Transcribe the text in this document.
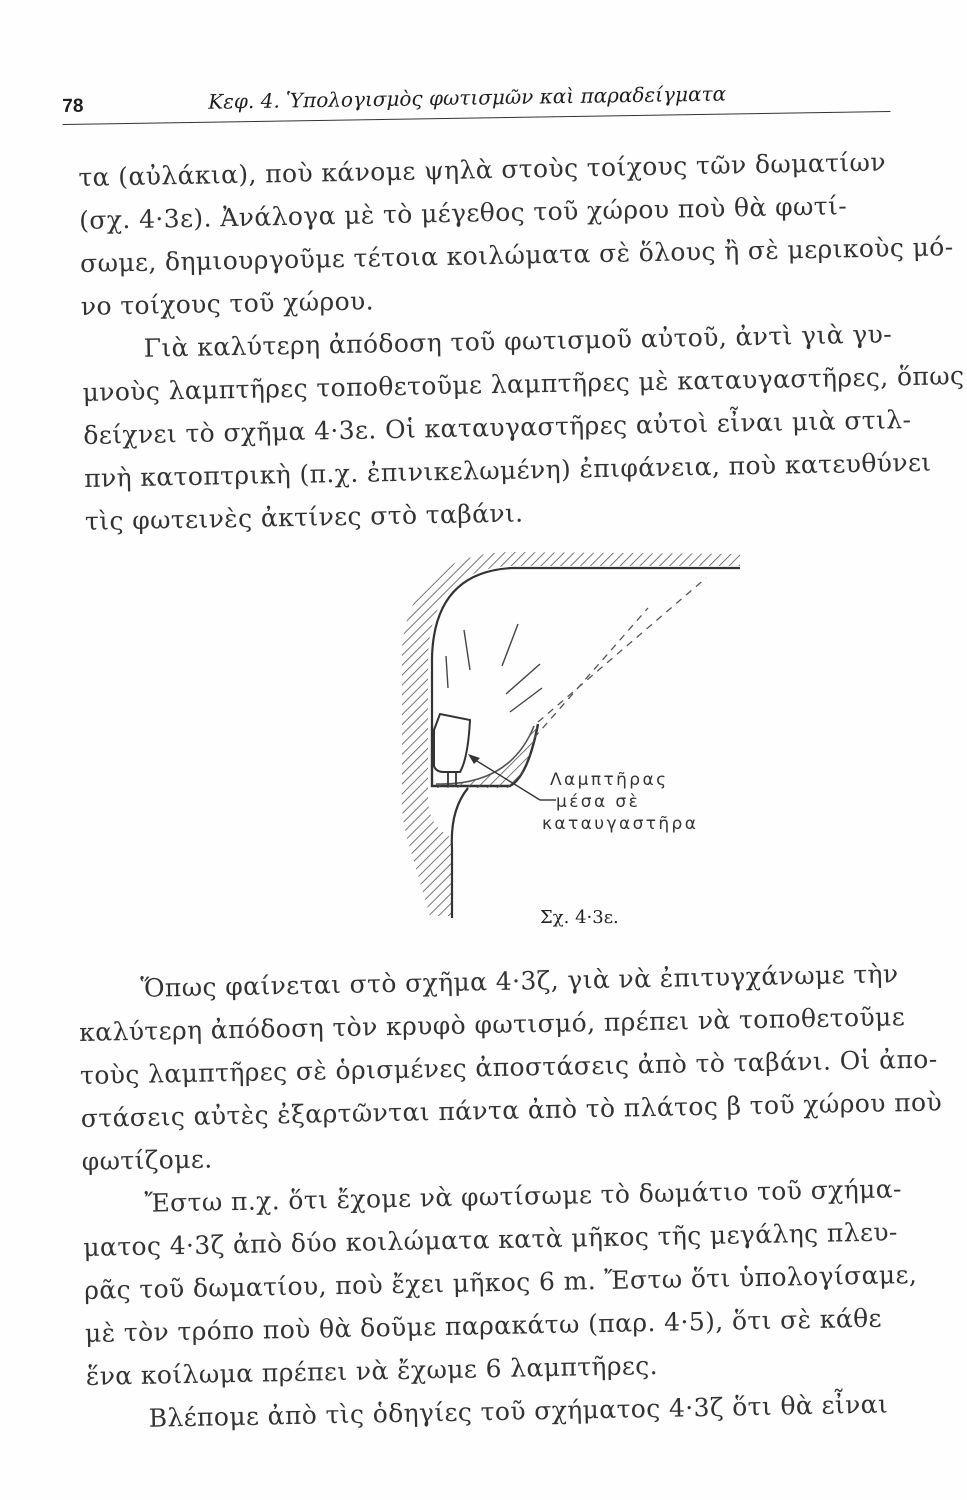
78	Κεφ. 4. Ὑπολογισμὸς φωτισμῶν καὶ παραδείγματα
τα (αὐλάκια), ποὺ κάνομε ψηλὰ στοὺς τοίχους τῶν δωματίων
(σχ. 4·3ε). Ἀνάλογα μὲ τὸ μέγεθος τοῦ χώρου ποὺ θὰ φωτί-
σωμε, δημιουργοῦμε τέτοια κοιλώματα σὲ ὅλους ἢ σὲ μερικοὺς μό-
νο τοίχους τοῦ χώρου.
Γιὰ καλύτερη ἀπόδοση τοῦ φωτισμοῦ αὐτοῦ, ἀντὶ γιὰ γυ-
μνοὺς λαμπτῆρες τοποθετοῦμε λαμπτῆρες μὲ καταυγαστῆρες, ὅπως
δείχνει τὸ σχῆμα 4·3ε. Οἱ καταυγαστῆρες αὐτοὶ εἶναι μιὰ στιλ-
πνὴ κατοπτρικὴ (π.χ. ἐπινικελωμένη) ἐπιφάνεια, ποὺ κατευθύνει
τὶς φωτεινὲς ἀκτίνες στὸ ταβάνι.
Λαμπτῆρας
μέσα σὲ
καταυγαστῆρα
Σχ. 4·3ε.
Ὅπως φαίνεται στὸ σχῆμα 4·3ζ, γιὰ νὰ ἐπιτυγχάνωμε τὴν
καλύτερη ἀπόδοση τὸν κρυφὸ φωτισμό, πρέπει νὰ τοποθετοῦμε
τοὺς λαμπτῆρες σὲ ὁρισμένες ἀποστάσεις ἀπὸ τὸ ταβάνι. Οἱ ἀπο-
στάσεις αὐτὲς ἐξαρτῶνται πάντα ἀπὸ τὸ πλάτος β τοῦ χώρου ποὺ
φωτίζομε.
Ἔστω π.χ. ὅτι ἔχομε νὰ φωτίσωμε τὸ δωμάτιο τοῦ σχήμα-
ματος 4·3ζ ἀπὸ δύο κοιλώματα κατὰ μῆκος τῆς μεγάλης πλευ-
ρᾶς τοῦ δωματίου, ποὺ ἔχει μῆκος 6 m. Ἔστω ὅτι ὑπολογίσαμε,
μὲ τὸν τρόπο ποὺ θὰ δοῦμε παρακάτω (παρ. 4·5), ὅτι σὲ κάθε
ἕνα κοίλωμα πρέπει νὰ ἔχωμε 6 λαμπτῆρες.
Βλέπομε ἀπὸ τὶς ὁδηγίες τοῦ σχήματος 4·3ζ ὅτι θὰ εἶναι
